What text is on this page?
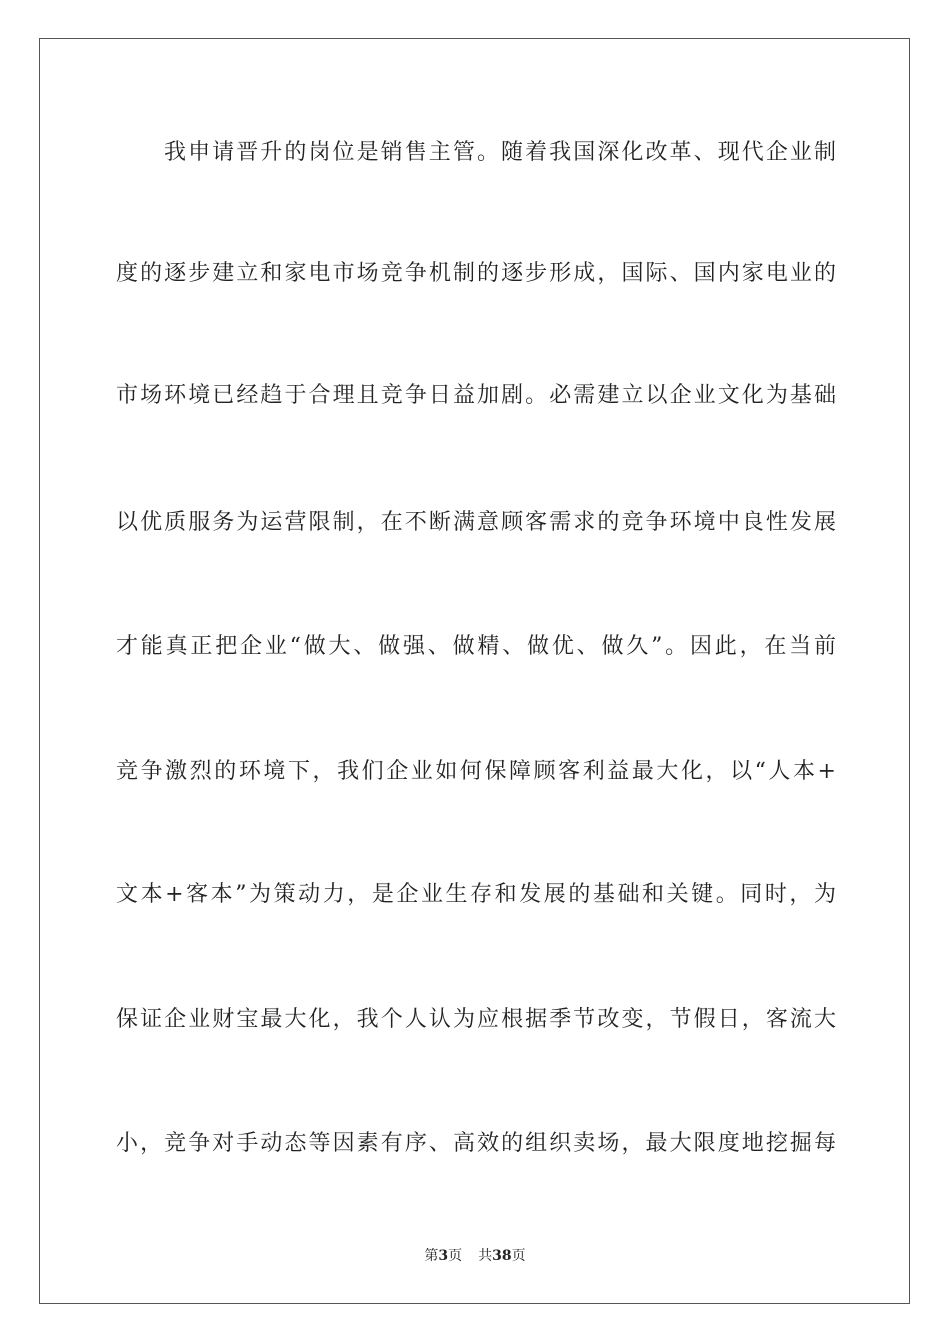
我申请晋升的岗位是销售主管。随着我国深化改革、现代企业制
度的逐步建立和家电市场竞争机制的逐步形成，国际、国内家电业的
市场环境已经趋于合理且竞争日益加剧。必需建立以企业文化为基础
以优质服务为运营限制，在不断满意顾客需求的竞争环境中良性发展
才能真正把企业“做大、做强、做精、做优、做久”。因此，在当前
竞争激烈的环境下，我们企业如何保障顾客利益最大化，以“人本+
文本+客本”为策动力，是企业生存和发展的基础和关键。同时，为
保证企业财宝最大化，我个人认为应根据季节改变，节假日，客流大
小，竞争对手动态等因素有序、高效的组织卖场，最大限度地挖掘每
第3页 共38页
